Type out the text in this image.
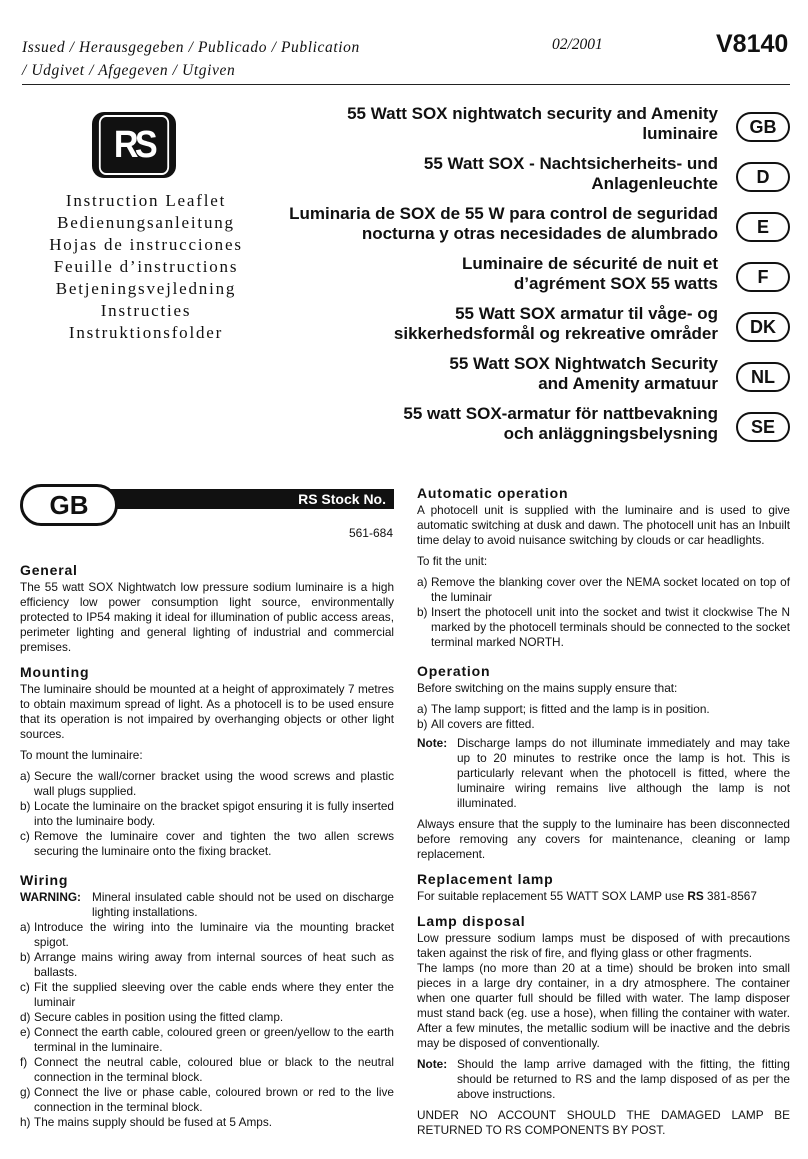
Issued / Herausgegeben / Publicado / Publication
/ Udgivet / Afgegeven / Utgiven
02/2001	V8140
RS
Instruction Leaflet
Bedienungsanleitung
Hojas de instrucciones
Feuille d’instructions
Betjeningsvejledning
Instructies
Instruktionsfolder
55 Watt SOX nightwatch security and Amenity
luminaire	GB
55 Watt SOX - Nachtsicherheits- und
Anlagenleuchte	D
Luminaria de SOX de 55 W para control de seguridad
nocturna y otras necesidades de alumbrado	E
Luminaire de sécurité de nuit et
d’agrément SOX 55 watts	F
55 Watt SOX armatur til våge- og
sikkerhedsformål og rekreative områder	DK
55 Watt SOX Nightwatch Security
and Amenity armatuur	NL
55 watt SOX-armatur för nattbevakning
och anläggningsbelysning	SE
RS Stock No.
GB
561-684
General

The 55 watt SOX Nightwatch low pressure sodium luminaire is a high efficiency low power consumption light source, environmentally protected to IP54 making it ideal for illumination of public access areas, perimeter lighting and general lighting of industrial and commercial premises.

Mounting

The luminaire should be mounted at a height of approximately 7 metres to obtain maximum spread of light. As a photocell is to be used ensure that its operation is not impaired by overhanging objects or other light sources.

To mount the luminaire:

a) Secure the wall/corner bracket using the wood screws and plastic wall plugs supplied.
b) Locate the luminaire on the bracket spigot ensuring it is fully inserted into the luminaire body.
c) Remove the luminaire cover and tighten the two allen screws securing the luminaire onto the fixing bracket.
Wiring
WARNING: Mineral insulated cable should not be used on discharge lighting installations.
a) Introduce the wiring into the luminaire via the mounting bracket spigot.
b) Arrange mains wiring away from internal sources of heat such as ballasts.
c) Fit the supplied sleeving over the cable ends where they enter the luminair
d) Secure cables in position using the fitted clamp.
e) Connect the earth cable, coloured green or green/yellow to the earth terminal in the luminaire.
f) Connect the neutral cable, coloured blue or black to the neutral connection in the terminal block.
g) Connect the live or phase cable, coloured brown or red to the live connection in the terminal block.
h) The mains supply should be fused at 5 Amps.
Automatic operation

A photocell unit is supplied with the luminaire and is used to give automatic switching at dusk and dawn. The photocell unit has an Inbuilt time delay to avoid nuisance switching by clouds or car headlights.

To fit the unit:

a) Remove the blanking cover over the NEMA socket located on top of the luminair
b) Insert the photocell unit into the socket and twist it clockwise The N marked by the photocell terminals should be connected to the socket terminal marked NORTH.
Operation

Before switching on the mains supply ensure that:

a) The lamp support; is fitted and the lamp is in position.
b) All covers are fitted.
Note: Discharge lamps do not illuminate immediately and may take up to 20 minutes to restrike once the lamp is hot. This is particularly relevant when the photocell is fitted, where the luminaire wiring remains live although the lamp is not illuminated.

Always ensure that the supply to the luminaire has been disconnected before removing any covers for maintenance, cleaning or lamp replacement.

Replacement lamp

For suitable replacement 55 WATT SOX LAMP use RS 381-8567

Lamp disposal

Low pressure sodium lamps must be disposed of with precautions taken against the risk of fire, and flying glass or other fragments.

The lamps (no more than 20 at a time) should be broken into small pieces in a large dry container, in a dry atmosphere. The container when one quarter full should be filled with water. The lamp disposer must stand back (eg. use a hose), when filling the container with water. After a few minutes, the metallic sodium will be inactive and the debris may be disposed of conventionally.

Note: Should the lamp arrive damaged with the fitting, the fitting should be returned to RS and the lamp disposed of as per the above instructions.

UNDER NO ACCOUNT SHOULD THE DAMAGED LAMP BE RETURNED TO RS COMPONENTS BY POST.
